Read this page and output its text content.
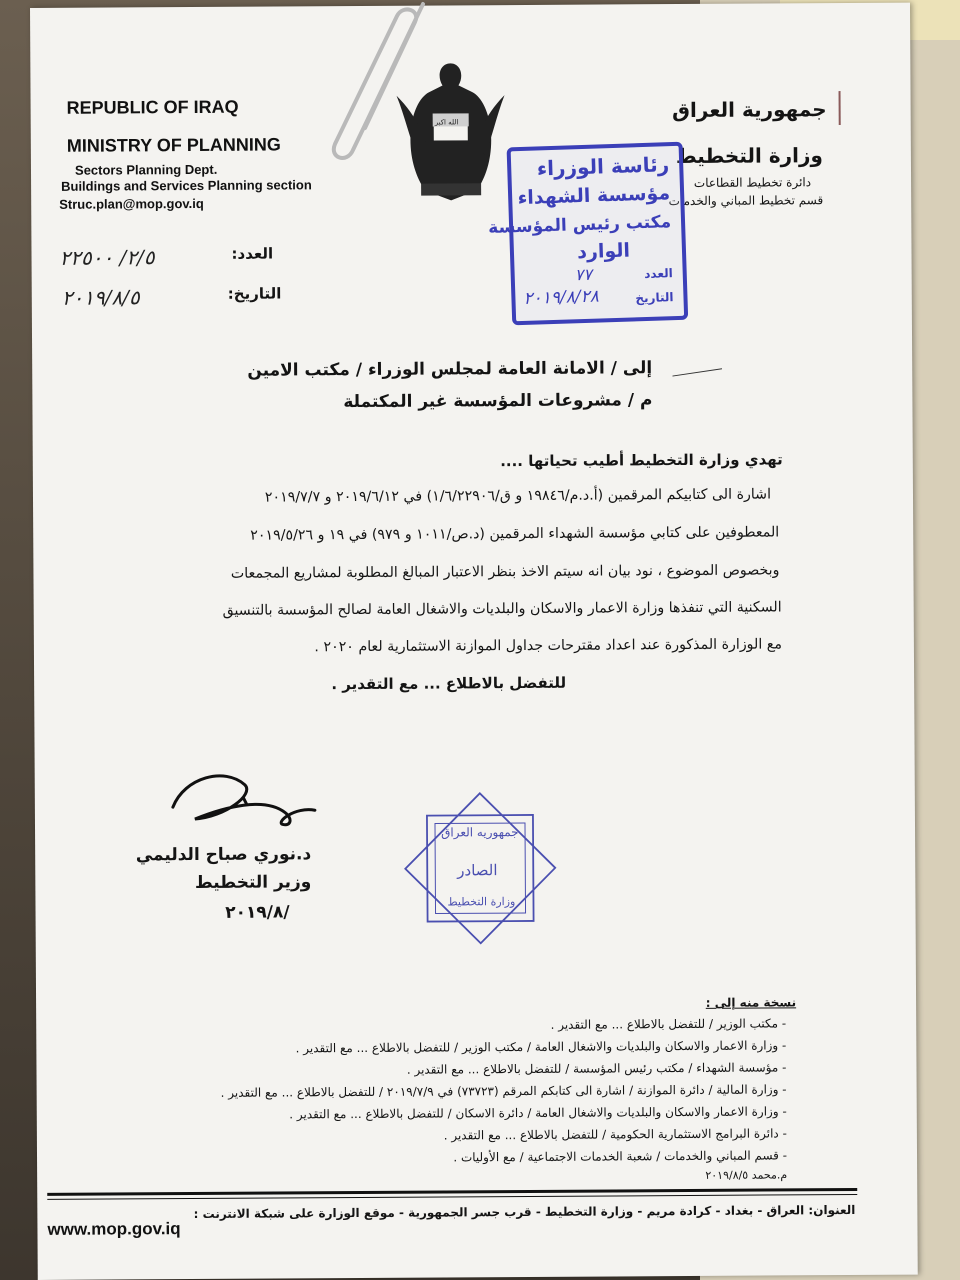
REPUBLIC OF IRAQ
MINISTRY OF PLANNING
Sectors Planning Dept.
Buildings and Services Planning section
Struc.plan@mop.gov.iq
الله اكبر
جمهورية العراق
وزارة التخطيط
دائرة تخطيط القطاعات
قسم تخطيط المباني والخدمات
رئاسة الوزراء
مؤسسة الشهداء
مكتب رئيس المؤسسة
الوارد
العدد
٧٧
التاريخ
٢٠١٩/٨/٢٨
العدد:
٢/٥/ ٢٢٥٠٠
التاريخ:
٢٠١٩/٨/٥
إلى / الامانة العامة لمجلس الوزراء / مكتب الامين
م / مشروعات المؤسسة غير المكتملة
تهدي وزارة التخطيط أطيب تحياتها ....
اشارة الى كتابيكم المرقمين (أ.د.م/١٩٨٤٦ و ق/١/٦/٢٢٩٠٦) في ٢٠١٩/٦/١٢ و ٢٠١٩/٧/٧
المعطوفين على كتابي مؤسسة الشهداء المرقمين (د.ص/١٠١١ و ٩٧٩) في ١٩ و ٢٠١٩/٥/٢٦
وبخصوص الموضوع ، نود بيان انه سيتم الاخذ بنظر الاعتبار المبالغ المطلوبة لمشاريع المجمعات
السكنية التي تنفذها وزارة الاعمار والاسكان والبلديات والاشغال العامة لصالح المؤسسة بالتنسيق
مع الوزارة المذكورة عند اعداد مقترحات جداول الموازنة الاستثمارية لعام ٢٠٢٠ .
للتفضل بالاطلاع ... مع التقدير .
د.نوري صباح الدليمي
وزير التخطيط
٢٠١٩/٨/
جمهوريه العراق
الصادر
وزارة التخطيط
نسخة منه إلى :
- مكتب الوزير / للتفضل بالاطلاع ... مع التقدير .
- وزارة الاعمار والاسكان والبلديات والاشغال العامة / مكتب الوزير / للتفضل بالاطلاع ... مع التقدير .
- مؤسسة الشهداء / مكتب رئيس المؤسسة / للتفضل بالاطلاع ... مع التقدير .
- وزارة المالية / دائرة الموازنة / اشارة الى كتابكم المرقم (٧٣٧٢٣) في ٢٠١٩/٧/٩ / للتفضل بالاطلاع ... مع التقدير .
- وزارة الاعمار والاسكان والبلديات والاشغال العامة / دائرة الاسكان / للتفضل بالاطلاع ... مع التقدير .
- دائرة البرامج الاستثمارية الحكومية / للتفضل بالاطلاع ... مع التقدير .
- قسم المباني والخدمات / شعبة الخدمات الاجتماعية / مع الأوليات .
م.محمد ٢٠١٩/٨/٥
العنوان: العراق - بغداد - كرادة مريم - وزارة التخطيط - قرب جسر الجمهورية - موقع الوزارة على شبكة الانترنت :
www.mop.gov.iq
